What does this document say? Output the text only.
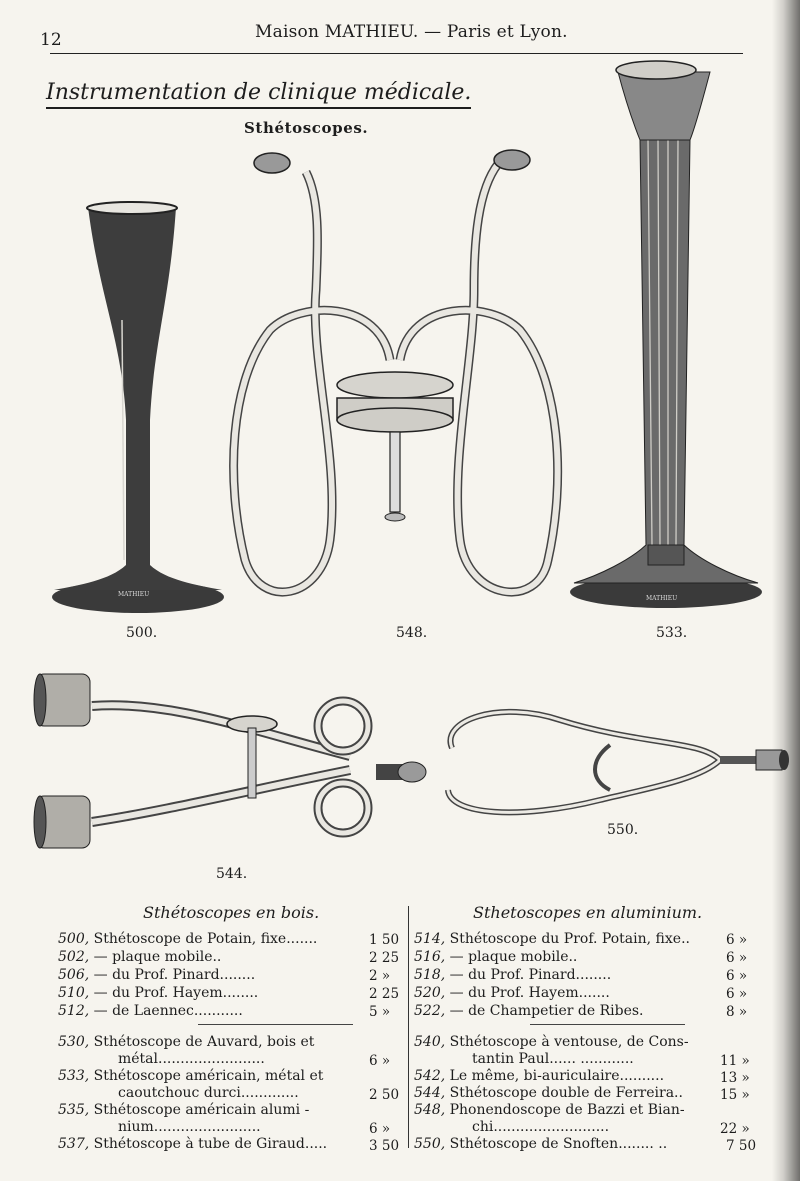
12	Maison MATHIEU. — Paris et Lyon.
Instrumentation de clinique médicale.
Sthétoscopes.
MATHIEU
MATHIEU
500.	548.	533.
544.
550.
Sthétoscopes en bois.	Sthetoscopes en aluminium.
500, Sthétoscope de Potain, fixe.......	1 50
502, — plaque mobile..	2 25
506, — du Prof. Pinard........	2 »
510, — du Prof. Hayem........	2 25
512, — de Laennec...........	5 »
530, Sthétoscope de Auvard, bois et
métal........................	6 »
533, Sthétoscope américain, métal et
caoutchouc durci.............	2 50
535, Sthétoscope américain alumi -
nium........................	6 »
537, Sthétoscope à tube de Giraud.....	3 50
514, Sthétoscope du Prof. Potain, fixe..	6 »
516, — plaque mobile..	6 »
518, — du Prof. Pinard........	6 »
520, — du Prof. Hayem.......	6 »
522, — de Champetier de Ribes.	8 »
540, Sthétoscope à ventouse, de Cons-
tantin Paul...... ............	11 »
542, Le même, bi-auriculaire..........	13 »
544, Sthétoscope double de Ferreira..	15 »
548, Phonendoscope de Bazzi et Bian-
chi..........................	22 »
550, Sthétoscope de Snoften........ ..	7 50
